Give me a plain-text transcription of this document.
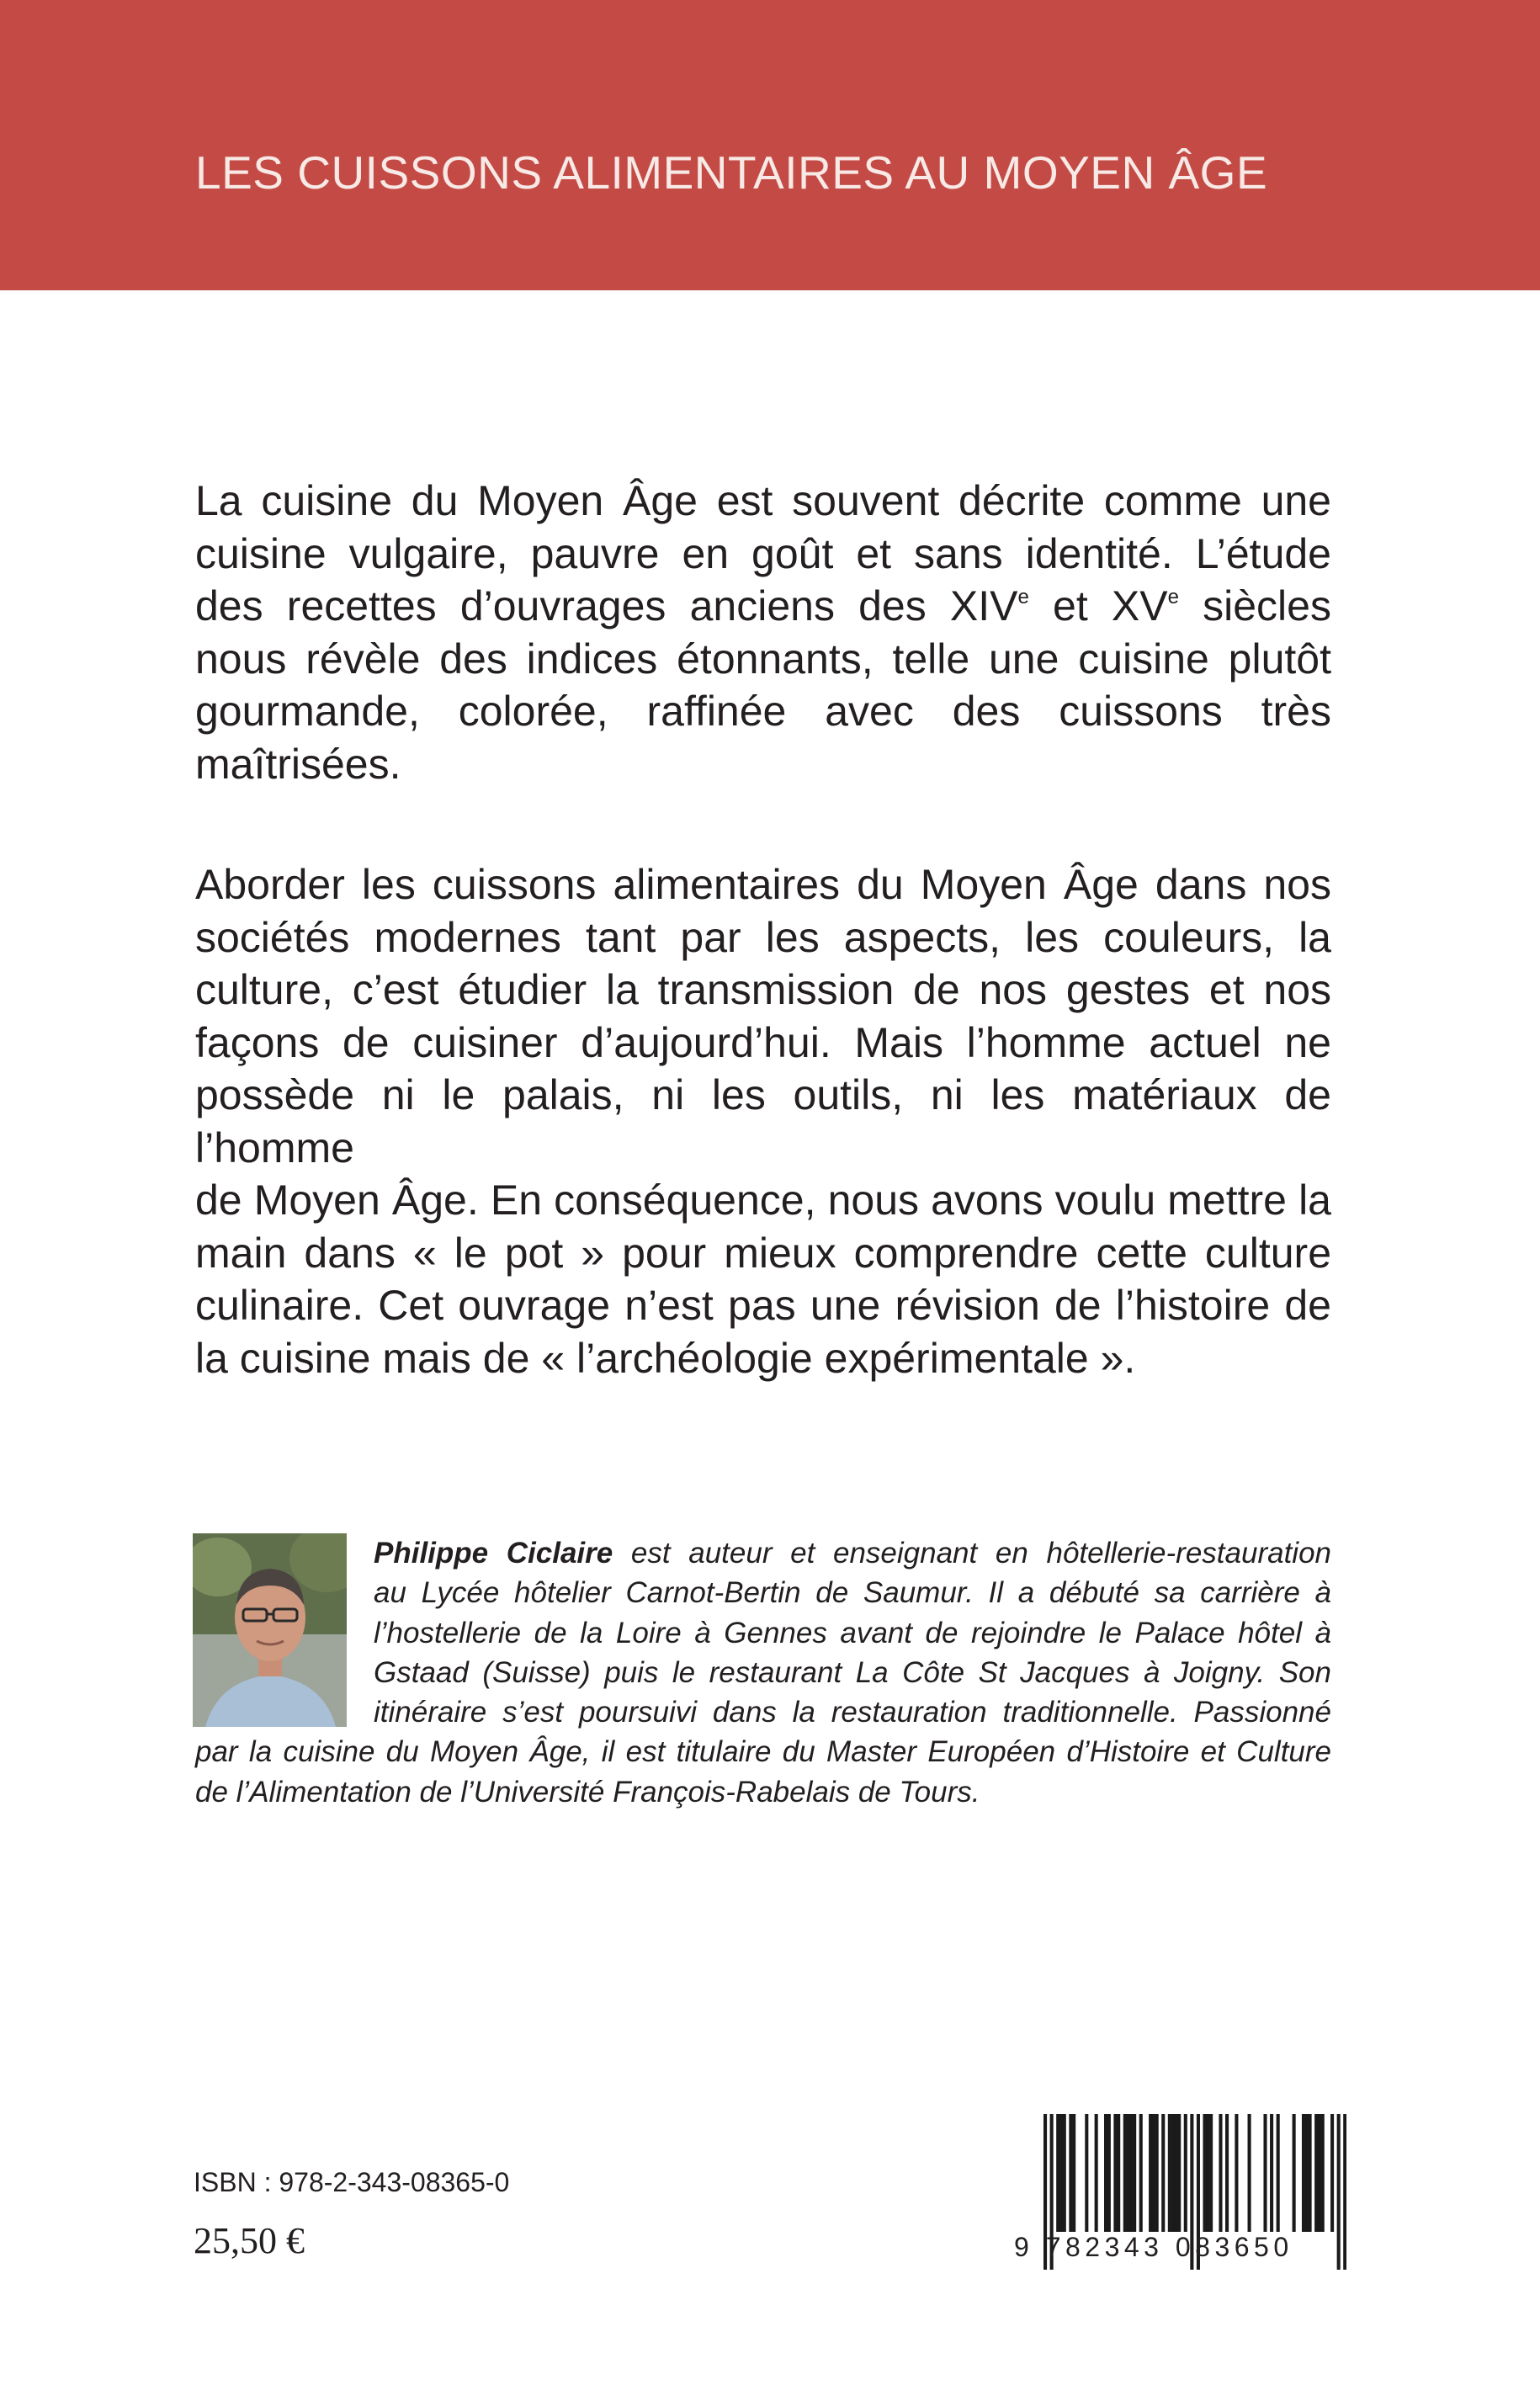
LES CUISSONS ALIMENTAIRES AU MOYEN ÂGE
La cuisine du Moyen Âge est souvent décrite comme une
cuisine vulgaire, pauvre en goût et sans identité. L’étude
des recettes d’ouvrages anciens des XIVe et XVe siècles
nous révèle des indices étonnants, telle une cuisine plutôt
gourmande, colorée, raffinée avec des cuissons très
maîtrisées.
Aborder les cuissons alimentaires du Moyen Âge dans nos
sociétés modernes tant par les aspects, les couleurs, la
culture, c’est étudier la transmission de nos gestes et nos
façons de cuisiner d’aujourd’hui. Mais l’homme actuel ne
possède ni le palais, ni les outils, ni les matériaux de l’homme
de Moyen Âge. En conséquence, nous avons voulu mettre la
main dans « le pot » pour mieux comprendre cette culture
culinaire. Cet ouvrage n’est pas une révision de l’histoire de
la cuisine mais de « l’archéologie expérimentale ».
Philippe Ciclaire est auteur et enseignant en hôtellerie-restauration
au Lycée hôtelier Carnot-Bertin de Saumur. Il a débuté sa carrière à
l’hostellerie de la Loire à Gennes avant de rejoindre le Palace hôtel à
Gstaad (Suisse) puis le restaurant La Côte St Jacques à Joigny. Son
itinéraire s’est poursuivi dans la restauration traditionnelle. Passionné
par la cuisine du Moyen Âge, il est titulaire du Master Européen d’Histoire et Culture
de l’Alimentation de l’Université François-Rabelais de Tours.
ISBN : 978-2-343-08365-0
25,50 €	9 782343 083650
